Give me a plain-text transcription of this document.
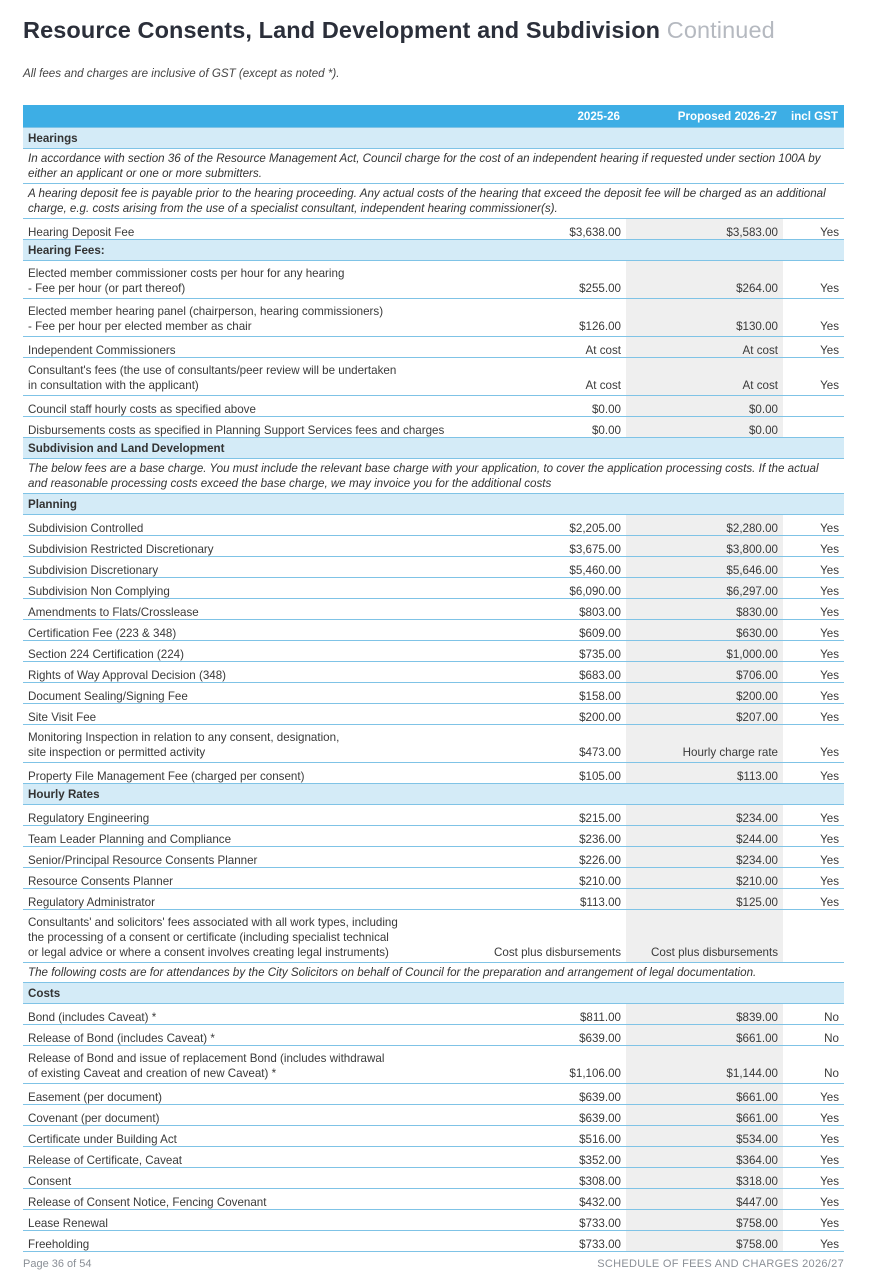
Resource Consents, Land Development and Subdivision Continued
All fees and charges are inclusive of GST (except as noted *).
	2025-26	Proposed 2026-27	incl GST
Hearings			
In accordance with section 36 of the Resource Management Act, Council charge for the cost of an independent hearing if requested under section 100A by either an applicant or one or more submitters.			
A hearing deposit fee is payable prior to the hearing proceeding. Any actual costs of the hearing that exceed the deposit fee will be charged as an additional charge, e.g. costs arising from the use of a specialist consultant, independent hearing commissioner(s).			
Hearing Deposit Fee	$3,638.00	$3,583.00	Yes
Hearing Fees:			
Elected member commissioner costs per hour for any hearing
- Fee per hour (or part thereof)	$255.00	$264.00	Yes
Elected member hearing panel (chairperson, hearing commissioners)
- Fee per hour per elected member as chair	$126.00	$130.00	Yes
Independent Commissioners	At cost	At cost	Yes
Consultant's fees (the use of consultants/peer review will be undertaken
in consultation with the applicant)	At cost	At cost	Yes
Council staff hourly costs as specified above	$0.00	$0.00	
Disbursements costs as specified in Planning Support Services fees and charges	$0.00	$0.00	
Subdivision and Land Development			
The below fees are a base charge. You must include the relevant base charge with your application, to cover the application processing costs. If the actual and reasonable processing costs exceed the base charge, we may invoice you for the additional costs			
Planning			
Subdivision Controlled	$2,205.00	$2,280.00	Yes
Subdivision Restricted Discretionary	$3,675.00	$3,800.00	Yes
Subdivision Discretionary	$5,460.00	$5,646.00	Yes
Subdivision Non Complying	$6,090.00	$6,297.00	Yes
Amendments to Flats/Crosslease	$803.00	$830.00	Yes
Certification Fee (223 & 348)	$609.00	$630.00	Yes
Section 224 Certification (224)	$735.00	$1,000.00	Yes
Rights of Way Approval Decision (348)	$683.00	$706.00	Yes
Document Sealing/Signing Fee	$158.00	$200.00	Yes
Site Visit Fee	$200.00	$207.00	Yes
Monitoring Inspection in relation to any consent, designation,
site inspection or permitted activity	$473.00	Hourly charge rate	Yes
Property File Management Fee (charged per consent)	$105.00	$113.00	Yes
Hourly Rates			
Regulatory Engineering	$215.00	$234.00	Yes
Team Leader Planning and Compliance	$236.00	$244.00	Yes
Senior/Principal Resource Consents Planner	$226.00	$234.00	Yes
Resource Consents Planner	$210.00	$210.00	Yes
Regulatory Administrator	$113.00	$125.00	Yes
Consultants' and solicitors' fees associated with all work types, including
the processing of a consent or certificate (including specialist technical
or legal advice or where a consent involves creating legal instruments)	Cost plus disbursements	Cost plus disbursements	
The following costs are for attendances by the City Solicitors on behalf of Council for the preparation and arrangement of legal documentation.			
Costs			
Bond (includes Caveat) *	$811.00	$839.00	No
Release of Bond (includes Caveat) *	$639.00	$661.00	No
Release of Bond and issue of replacement Bond (includes withdrawal
of existing Caveat and creation of new Caveat) *	$1,106.00	$1,144.00	No
Easement (per document)	$639.00	$661.00	Yes
Covenant (per document)	$639.00	$661.00	Yes
Certificate under Building Act	$516.00	$534.00	Yes
Release of Certificate, Caveat	$352.00	$364.00	Yes
Consent	$308.00	$318.00	Yes
Release of Consent Notice, Fencing Covenant	$432.00	$447.00	Yes
Lease Renewal	$733.00	$758.00	Yes
Freeholding	$733.00	$758.00	Yes
Page 36 of 54	SCHEDULE OF FEES AND CHARGES 2026/27
